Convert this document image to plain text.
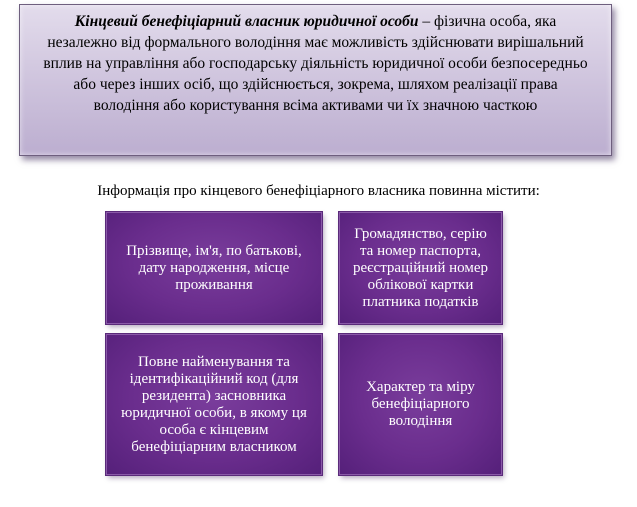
Кінцевий бенефіціарний власник юридичної особи – фізична особа, яка незалежно від формального володіння має можливість здійснювати вирішальний вплив на управління або господарську діяльність юридичної особи безпосередньо або через інших осіб, що здійснюється, зокрема, шляхом реалізації права володіння або користування всіма активами чи їх значною часткою
Інформація про кінцевого бенефіціарного власника повинна містити:
Прізвище, ім'я, по батькові, дату народження, місце проживання
Громадянство, серію та номер паспорта, реєстраційний номер облікової картки платника податків
Повне найменування та ідентифікаційний код (для резидента) засновника юридичної особи, в якому ця особа є кінцевим бенефіціарним власником
Характер та міру бенефіціарного володіння
